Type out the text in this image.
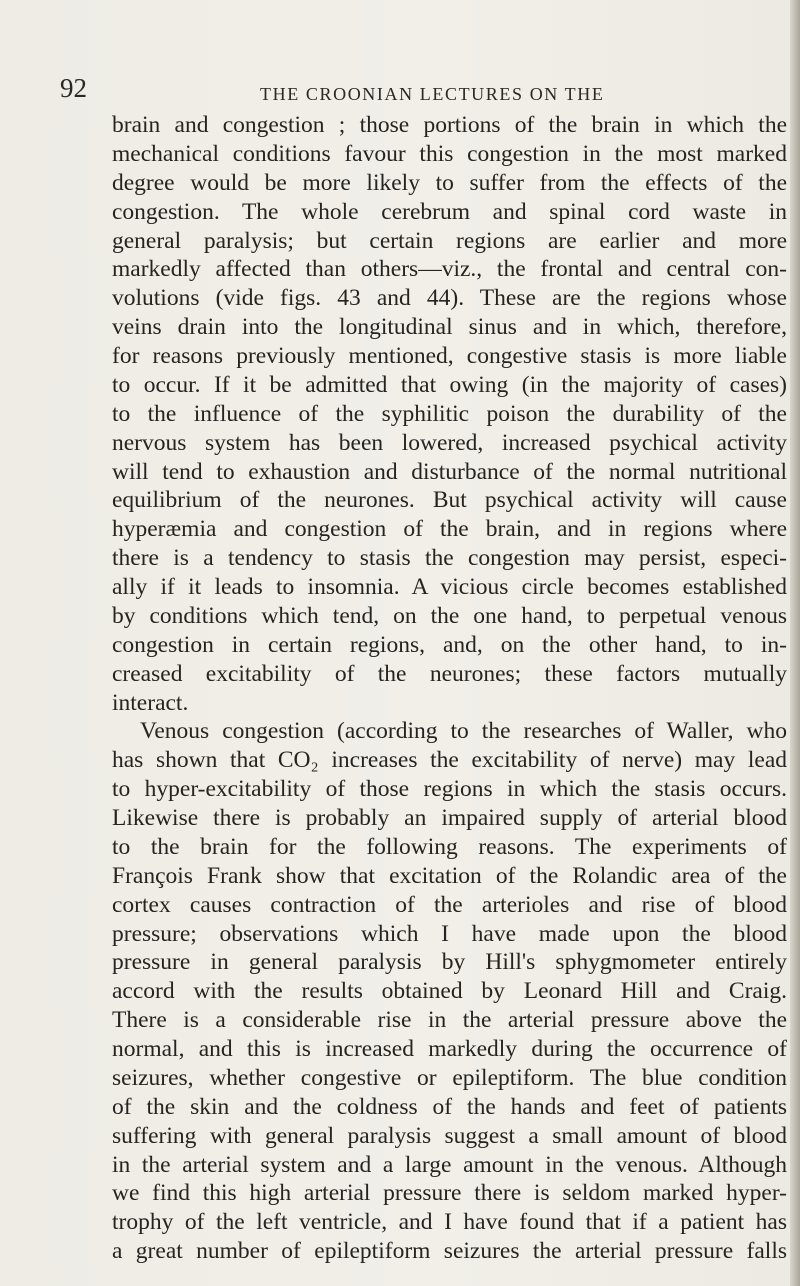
92	THE CROONIAN LECTURES ON THE
brain and congestion ; those portions of the brain in which the
mechanical conditions favour this congestion in the most marked
degree would be more likely to suffer from the effects of the
congestion. The whole cerebrum and spinal cord waste in
general paralysis; but certain regions are earlier and more
markedly affected than others—viz., the frontal and central con-
volutions (vide figs. 43 and 44). These are the regions whose
veins drain into the longitudinal sinus and in which, therefore,
for reasons previously mentioned, congestive stasis is more liable
to occur. If it be admitted that owing (in the majority of cases)
to the influence of the syphilitic poison the durability of the
nervous system has been lowered, increased psychical activity
will tend to exhaustion and disturbance of the normal nutritional
equilibrium of the neurones. But psychical activity will cause
hyperæmia and congestion of the brain, and in regions where
there is a tendency to stasis the congestion may persist, especi-
ally if it leads to insomnia. A vicious circle becomes established
by conditions which tend, on the one hand, to perpetual venous
congestion in certain regions, and, on the other hand, to in-
creased excitability of the neurones; these factors mutually
interact.
Venous congestion (according to the researches of Waller, who
has shown that CO₂ increases the excitability of nerve) may lead
to hyper-excitability of those regions in which the stasis occurs.
Likewise there is probably an impaired supply of arterial blood
to the brain for the following reasons. The experiments of
François Frank show that excitation of the Rolandic area of the
cortex causes contraction of the arterioles and rise of blood
pressure; observations which I have made upon the blood
pressure in general paralysis by Hill's sphygmometer entirely
accord with the results obtained by Leonard Hill and Craig.
There is a considerable rise in the arterial pressure above the
normal, and this is increased markedly during the occurrence of
seizures, whether congestive or epileptiform. The blue condition
of the skin and the coldness of the hands and feet of patients
suffering with general paralysis suggest a small amount of blood
in the arterial system and a large amount in the venous. Although
we find this high arterial pressure there is seldom marked hyper-
trophy of the left ventricle, and I have found that if a patient has
a great number of epileptiform seizures the arterial pressure falls
